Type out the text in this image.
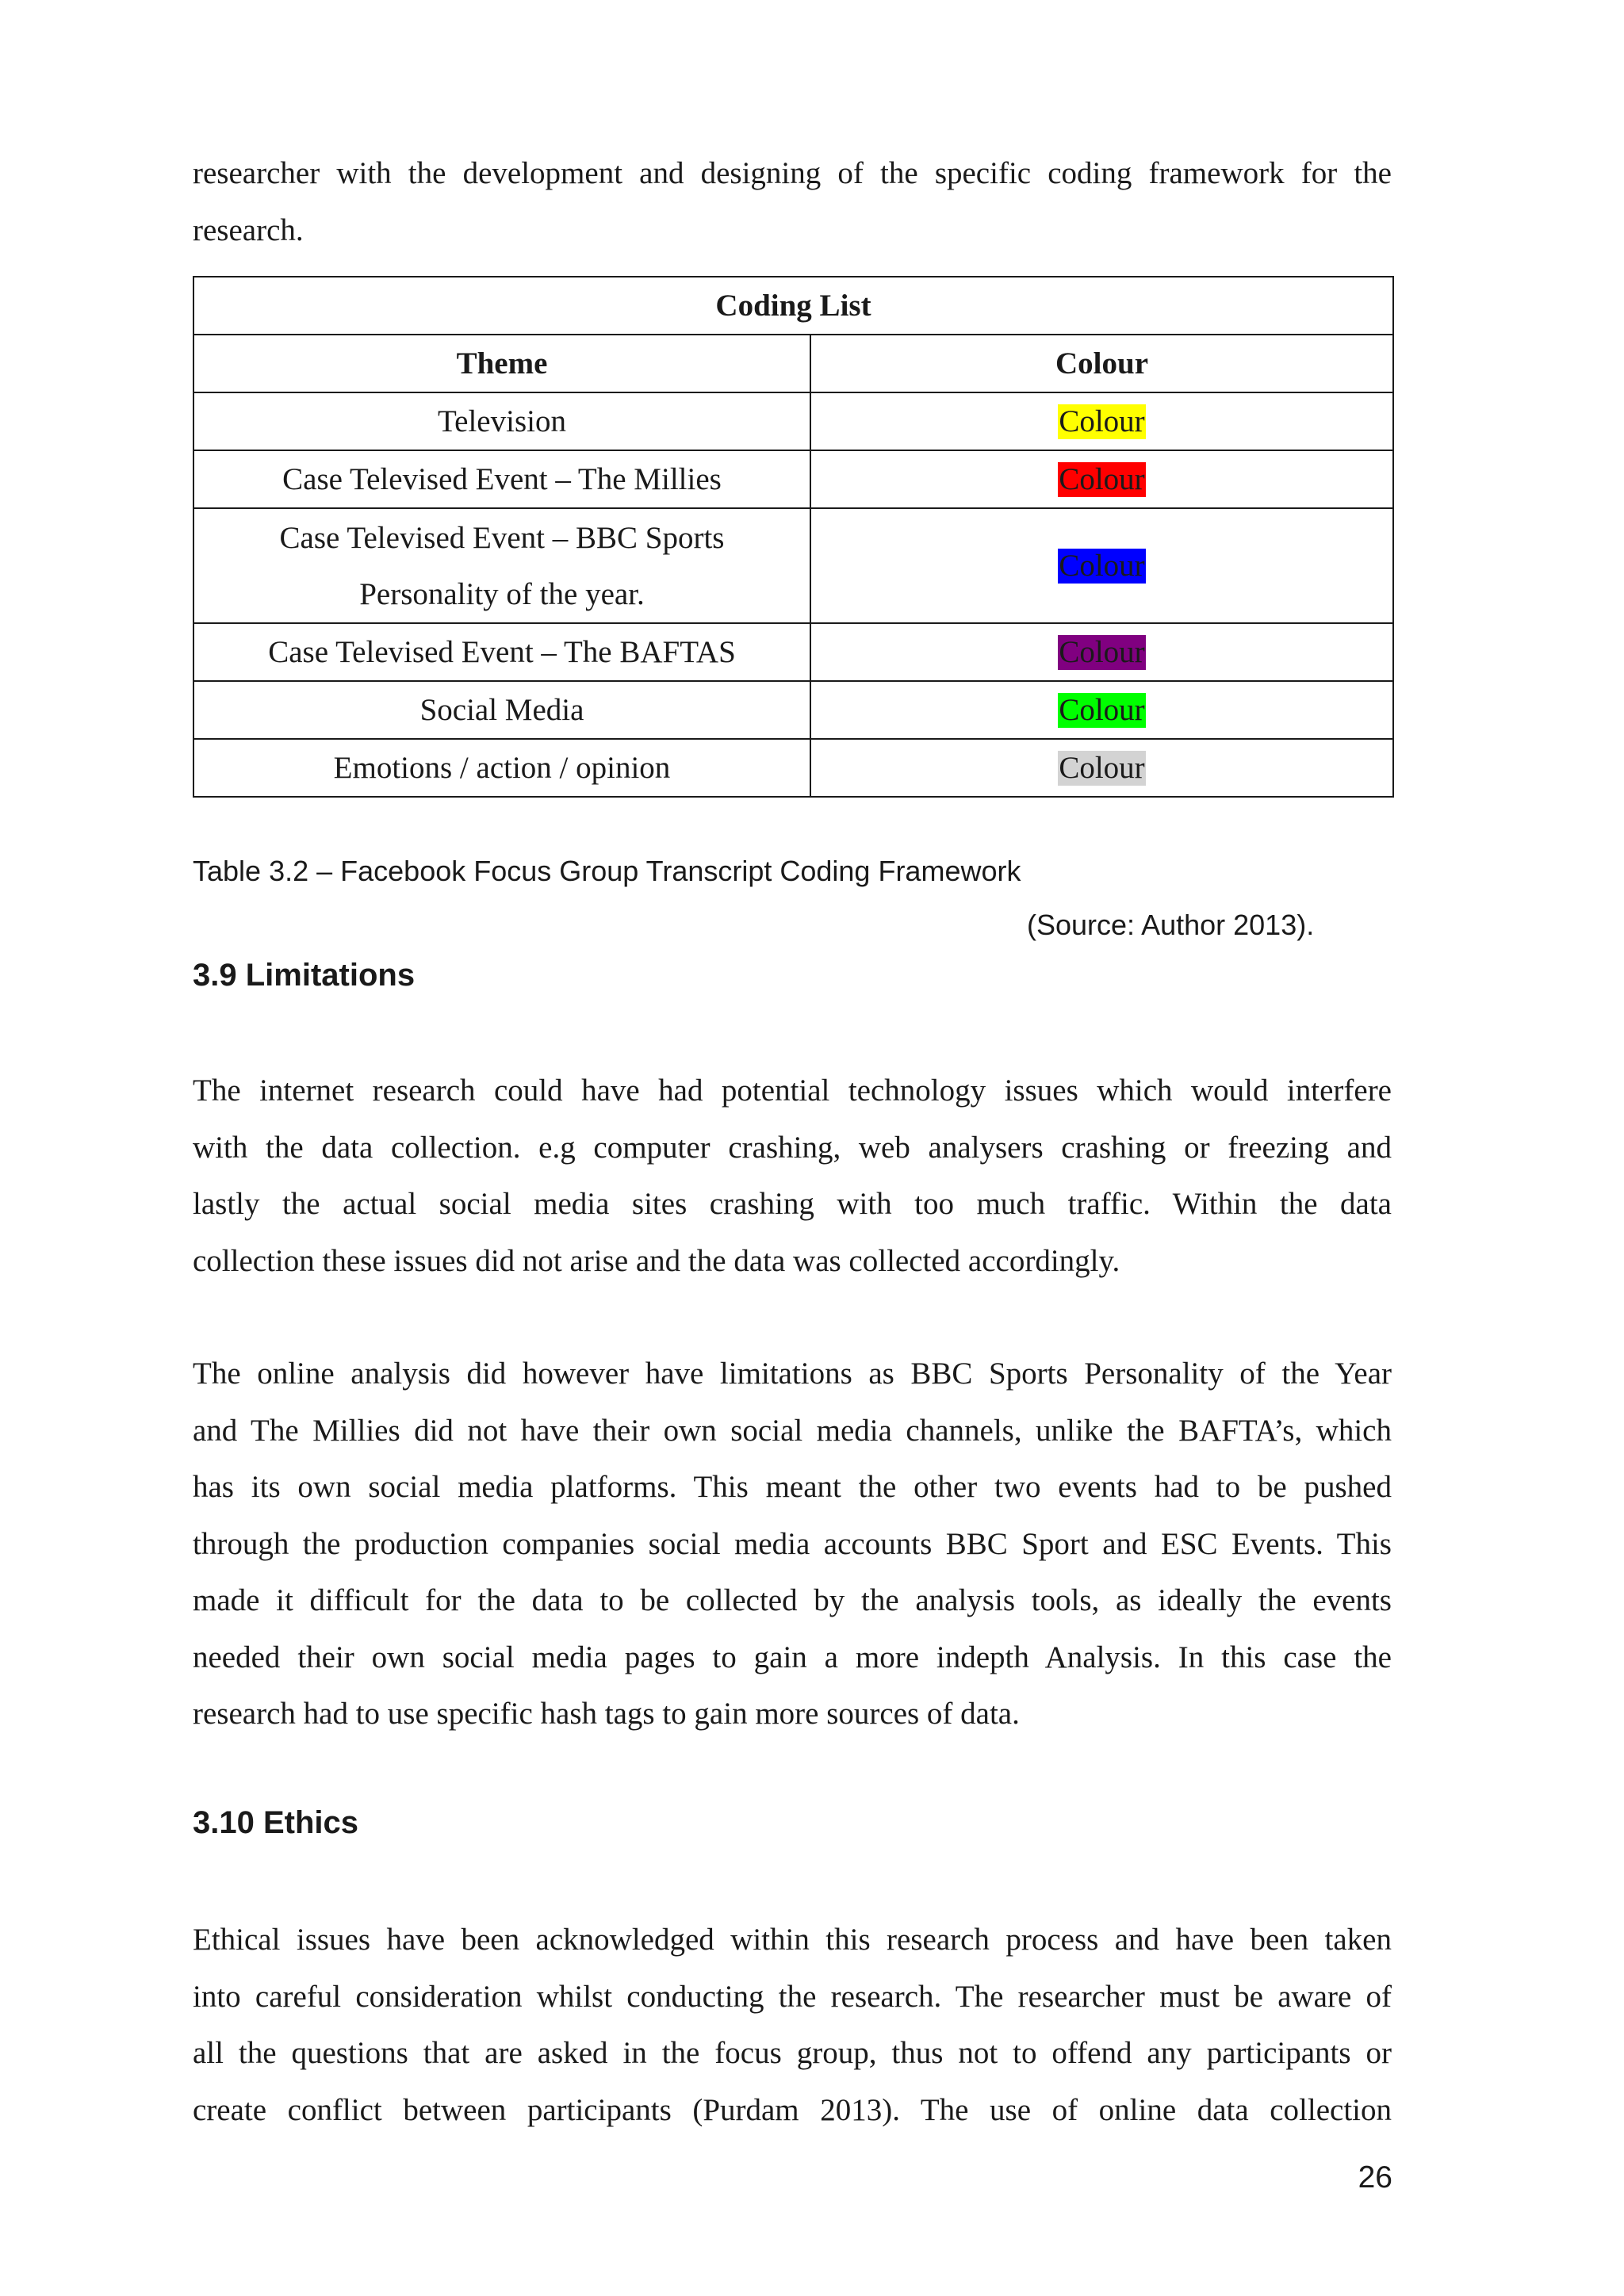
researcher with the development and designing of the specific coding framework for the
research.
Coding List	
Theme	Colour
Television	Colour
Case Televised Event – The Millies	Colour

Case Televised Event – BBC Sports
Personality of the year.	Colour
Case Televised Event – The BAFTAS	Colour
Social Media	Colour
Emotions / action / opinion	Colour
Table 3.2 – Facebook Focus Group Transcript Coding Framework
(Source: Author 2013).
3.9 Limitations
The internet research could have had potential technology issues which would interfere
with the data collection. e.g computer crashing, web analysers crashing or freezing and
lastly the actual social media sites crashing with too much traffic. Within the data
collection these issues did not arise and the data was collected accordingly.
The online analysis did however have limitations as BBC Sports Personality of the Year
and The Millies did not have their own social media channels, unlike the BAFTA’s, which
has its own social media platforms. This meant the other two events had to be pushed
through the production companies social media accounts BBC Sport and ESC Events. This
made it difficult for the data to be collected by the analysis tools, as ideally the events
needed their own social media pages to gain a more indepth Analysis. In this case the
research had to use specific hash tags to gain more sources of data.
3.10 Ethics
Ethical issues have been acknowledged within this research process and have been taken
into careful consideration whilst conducting the research. The researcher must be aware of
all the questions that are asked in the focus group, thus not to offend any participants or
create conflict between participants (Purdam 2013). The use of online data collection
26
